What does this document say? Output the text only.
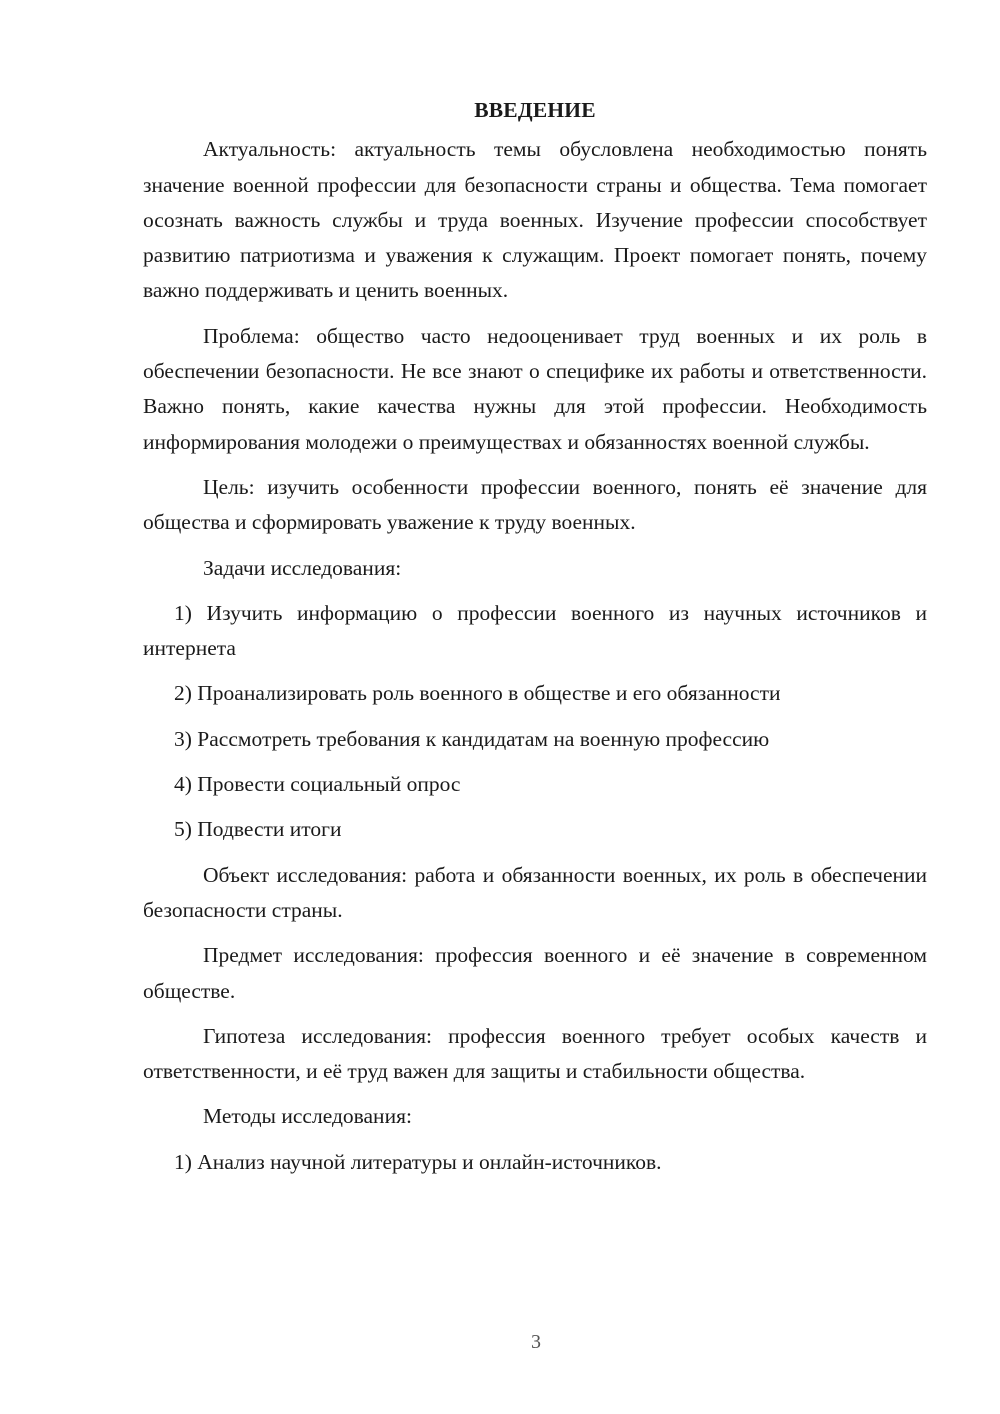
ВВЕДЕНИЕ

Актуальность: актуальность темы обусловлена необходимостью понять значение военной профессии для безопасности страны и общества. Тема помогает осознать важность службы и труда военных. Изучение профессии способствует развитию патриотизма и уважения к служащим. Проект помогает понять, почему важно поддерживать и ценить военных.

Проблема: общество часто недооценивает труд военных и их роль в обеспечении безопасности. Не все знают о специфике их работы и ответственности. Важно понять, какие качества нужны для этой профессии. Необходимость информирования молодежи о преимуществах и обязанностях военной службы.

Цель: изучить особенности профессии военного, понять её значение для общества и сформировать уважение к труду военных.

Задачи исследования:

1) Изучить информацию о профессии военного из научных источников и интернета

2) Проанализировать роль военного в обществе и его обязанности

3) Рассмотреть требования к кандидатам на военную профессию

4) Провести социальный опрос

5) Подвести итоги

Объект исследования: работа и обязанности военных, их роль в обеспечении безопасности страны.

Предмет исследования: профессия военного и её значение в современном обществе.

Гипотеза исследования: профессия военного требует особых качеств и ответственности, и её труд важен для защиты и стабильности общества.

Методы исследования:

1) Анализ научной литературы и онлайн-источников.

3
